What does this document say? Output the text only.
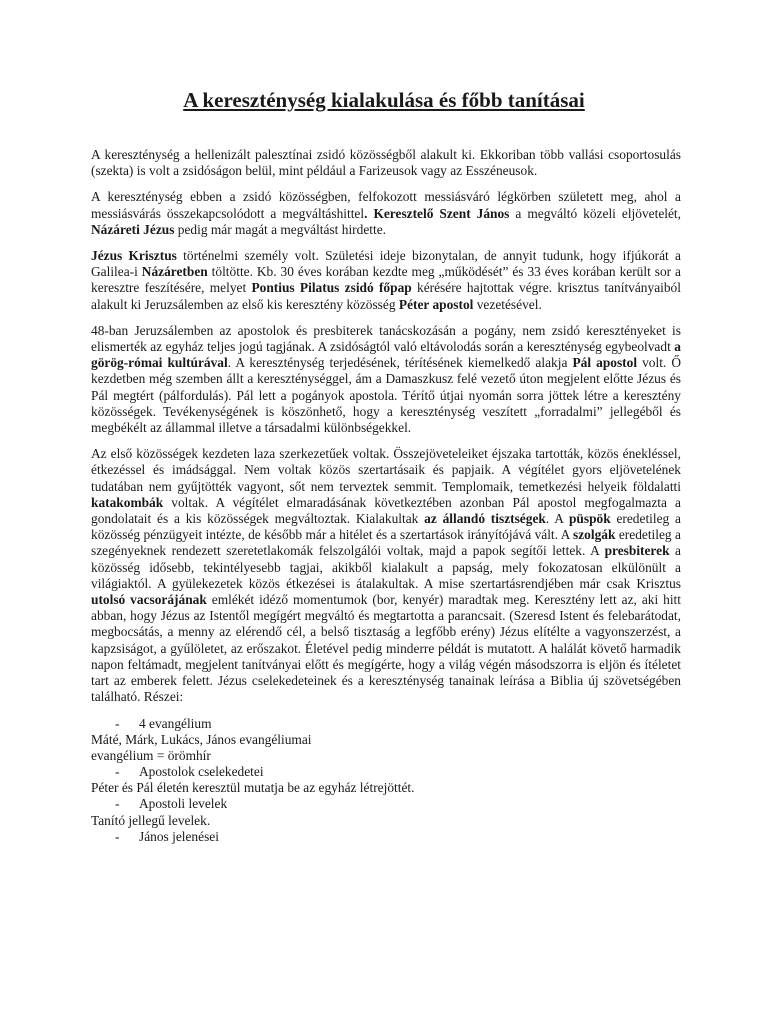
A kereszténység kialakulása és főbb tanításai

A kereszténység a hellenizált palesztínai zsidó közösségből alakult ki. Ekkoriban több vallási csoportosulás (szekta) is volt a zsidóságon belül, mint például a Farizeusok vagy az Esszéneusok.

A kereszténység ebben a zsidó közösségben, felfokozott messiásváró légkörben született meg, ahol a messiásvárás összekapcsolódott a megváltáshittel. Keresztelő Szent János a megváltó közeli eljövetelét, Názáreti Jézus pedig már magát a megváltást hirdette.

Jézus Krisztus történelmi személy volt. Születési ideje bizonytalan, de annyit tudunk, hogy ifjúkorát a Galilea-i Názáretben töltötte. Kb. 30 éves korában kezdte meg „működését” és 33 éves korában került sor a keresztre feszítésére, melyet Pontius Pilatus zsidó főpap kérésére hajtottak végre. krisztus tanítványaiból alakult ki Jeruzsálemben az első kis keresztény közösség Péter apostol vezetésével.

48-ban Jeruzsálemben az apostolok és presbiterek tanácskozásán a pogány, nem zsidó keresztényeket is elismerték az egyház teljes jogú tagjának. A zsidóságtól való eltávolodás során a kereszténység egybeolvadt a görög-római kultúrával. A kereszténység terjedésének, térítésének kiemelkedő alakja Pál apostol volt. Ő kezdetben még szemben állt a kereszténységgel, ám a Damaszkusz felé vezető úton megjelent előtte Jézus és Pál megtért (pálfordulás). Pál lett a pogányok apostola. Térítő útjai nyomán sorra jöttek létre a keresztény közösségek. Tevékenységének is köszönhető, hogy a kereszténység veszített „forradalmi” jellegéből és megbékélt az állammal illetve a társadalmi különbségekkel.

Az első közösségek kezdeten laza szerkezetűek voltak. Összejöveteleiket éjszaka tartották, közös énekléssel, étkezéssel és imádsággal. Nem voltak közös szertartásaik és papjaik. A végítélet gyors eljövetelének tudatában nem gyűjtötték vagyont, sőt nem terveztek semmit. Templomaik, temetkezési helyeik földalatti katakombák voltak. A végítélet elmaradásának következtében azonban Pál apostol megfogalmazta a gondolatait és a kis közösségek megváltoztak. Kialakultak az állandó tisztségek. A püspök eredetileg a közösség pénzügyeit intézte, de később már a hitélet és a szertartások irányítójává vált. A szolgák eredetileg a szegényeknek rendezett szeretetlakomák felszolgálói voltak, majd a papok segítői lettek. A presbiterek a közösség idősebb, tekintélyesebb tagjai, akikből kialakult a papság, mely fokozatosan elkülönült a világiaktól. A gyülekezetek közös étkezései is átalakultak. A mise szertartásrendjében már csak Krisztus utolsó vacsorájának emlékét idéző momentumok (bor, kenyér) maradtak meg. Keresztény lett az, aki hitt abban, hogy Jézus az Istentől megígért megváltó és megtartotta a parancsait. (Szeresd Istent és felebarátodat, megbocsátás, a menny az elérendő cél, a belső tisztaság a legfőbb erény) Jézus elítélte a vagyonszerzést, a kapzsiságot, a gyűlöletet, az erőszakot. Életével pedig minderre példát is mutatott. A halálát követő harmadik napon feltámadt, megjelent tanítványai előtt és megígérte, hogy a világ végén másodszorra is eljön és ítéletet tart az emberek felett. Jézus cselekedeteinek és a kereszténység tanainak leírása a Biblia új szövetségében található. Részei:

- 4 evangélium
Máté, Márk, Lukács, János evangéliumai
evangélium = örömhír
- Apostolok cselekedetei
Péter és Pál életén keresztül mutatja be az egyház létrejöttét.
- Apostoli levelek
Tanító jellegű levelek.
- János jelenései
